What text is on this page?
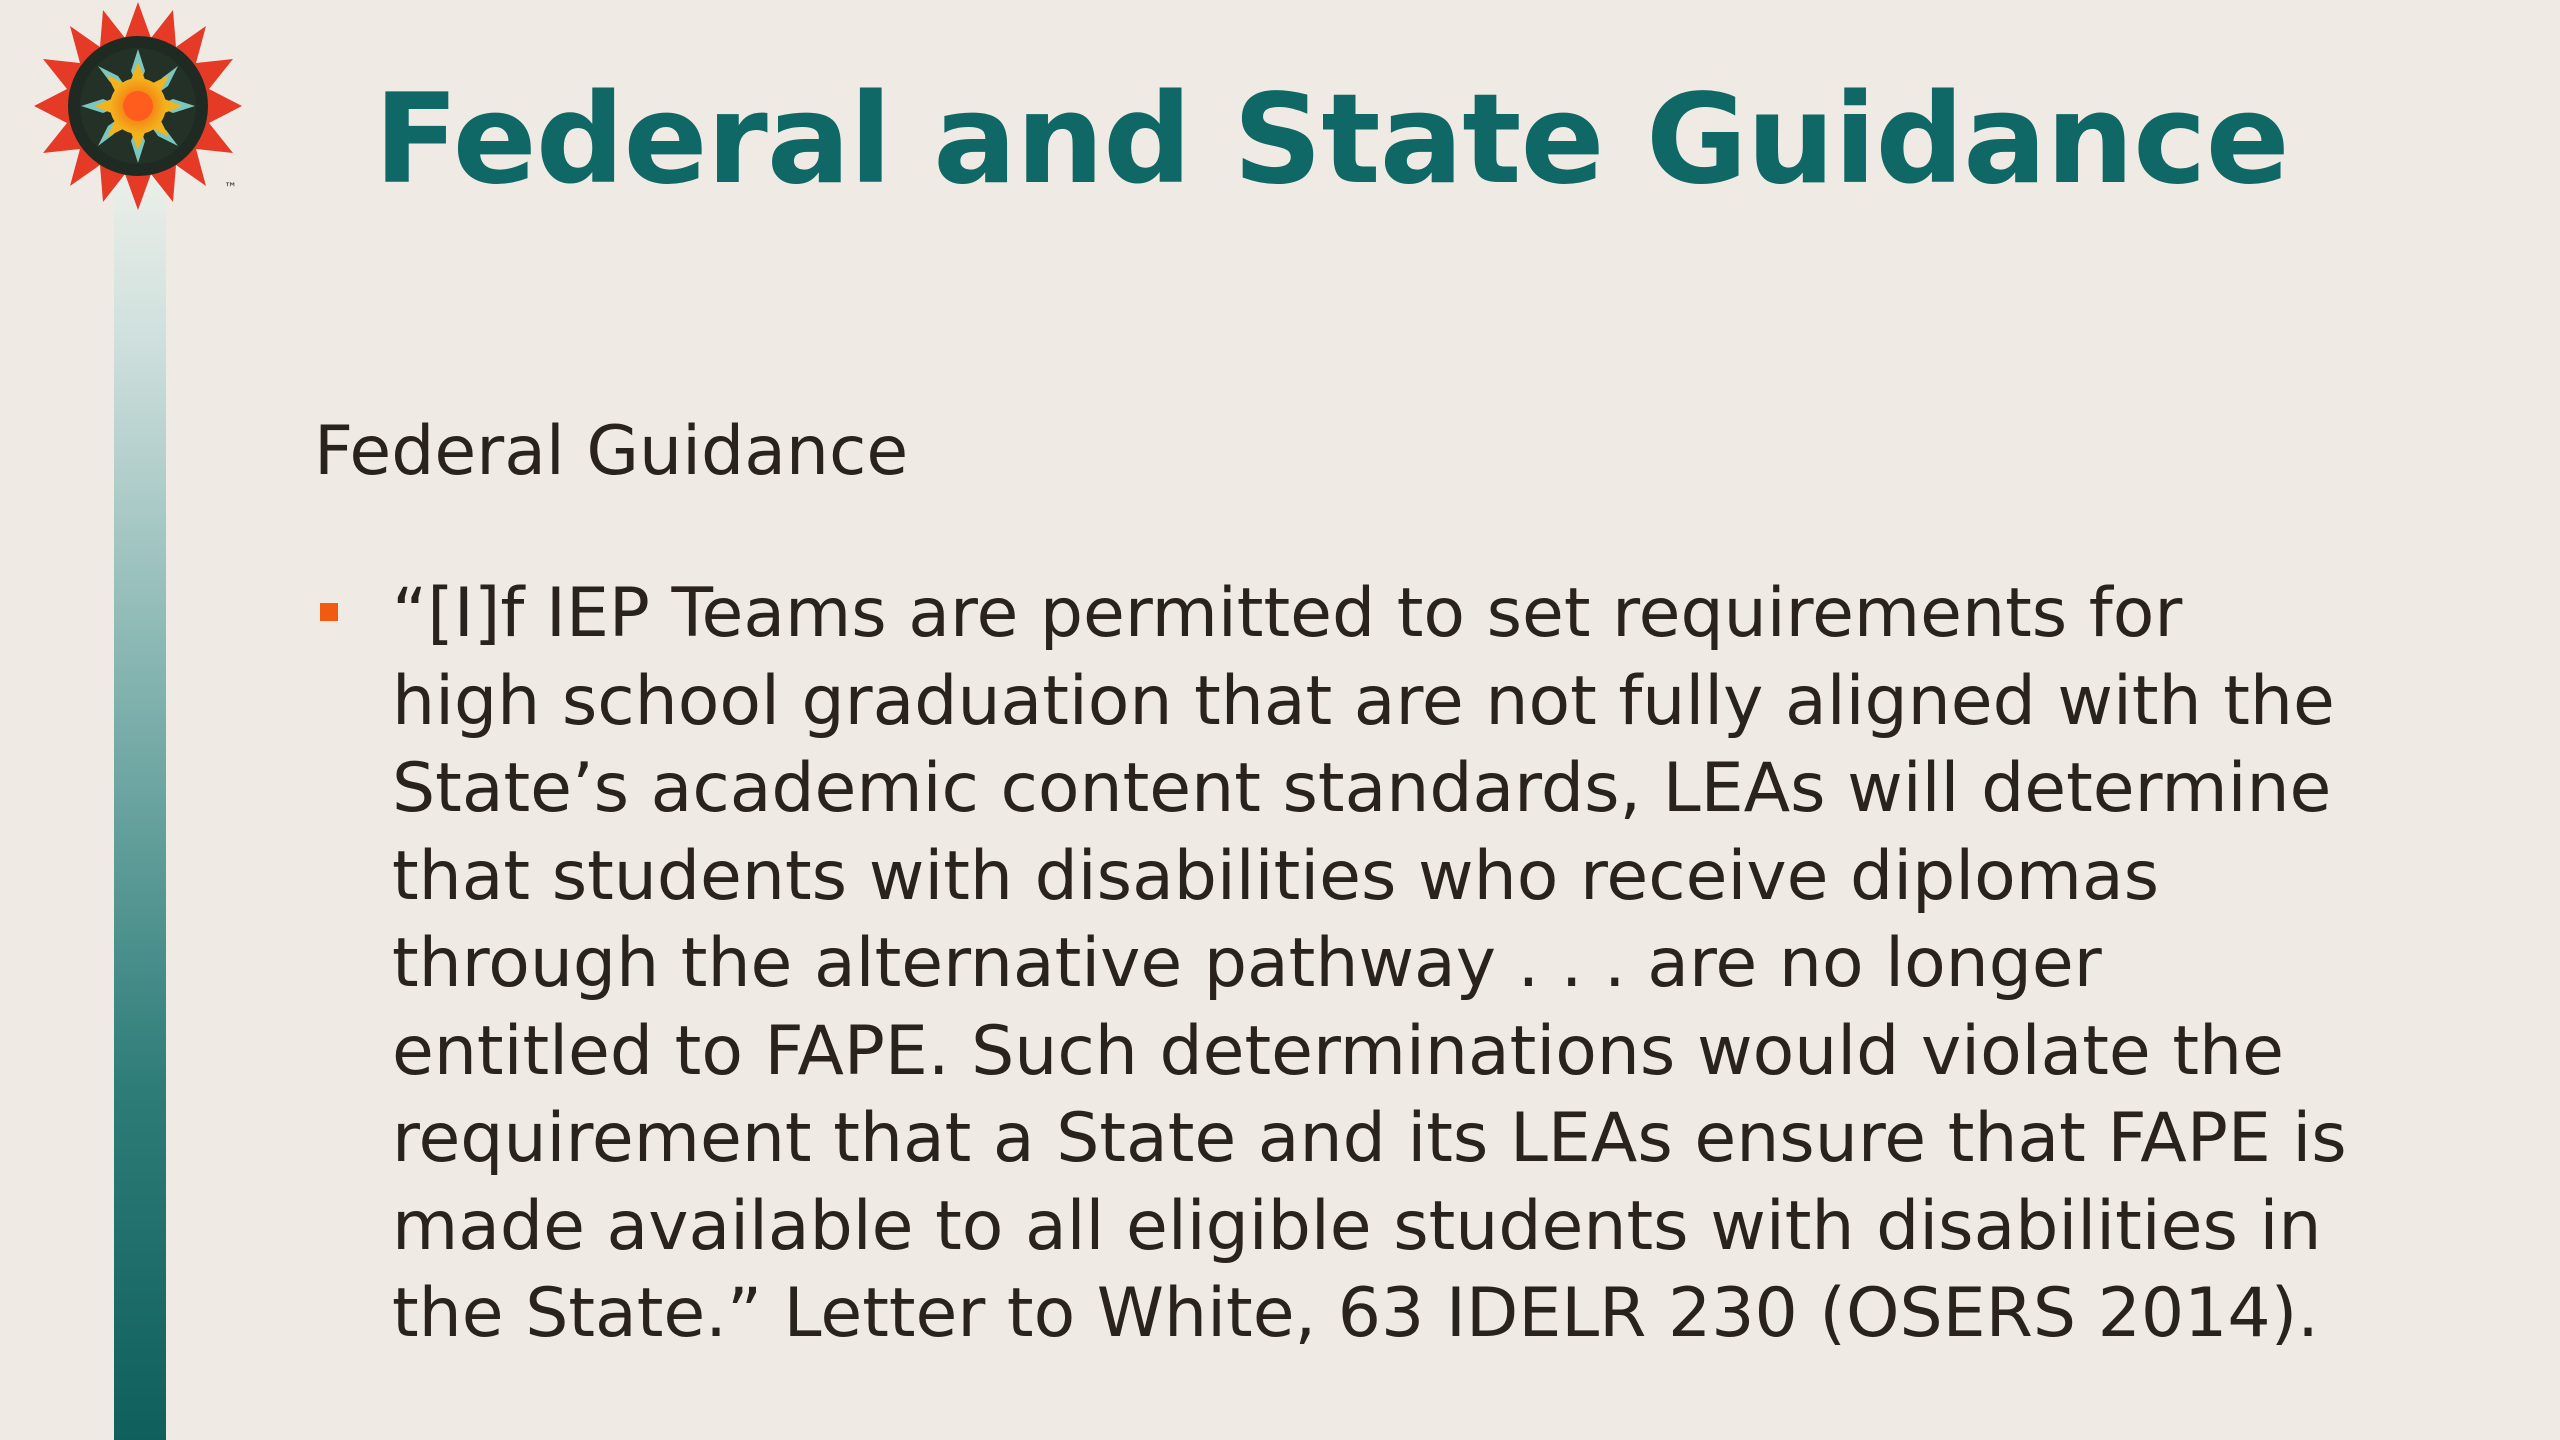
™ Federal and State Guidance
Federal Guidance

“[I]f IEP Teams are permitted to set requirements for
high school graduation that are not fully aligned with the
State’s academic content standards, LEAs will determine
that students with disabilities who receive diplomas
through the alternative pathway . . . are no longer
entitled to FAPE. Such determinations would violate the
requirement that a State and its LEAs ensure that FAPE is
made available to all eligible students with disabilities in
the State.” Letter to White, 63 IDELR 230 (OSERS 2014).
